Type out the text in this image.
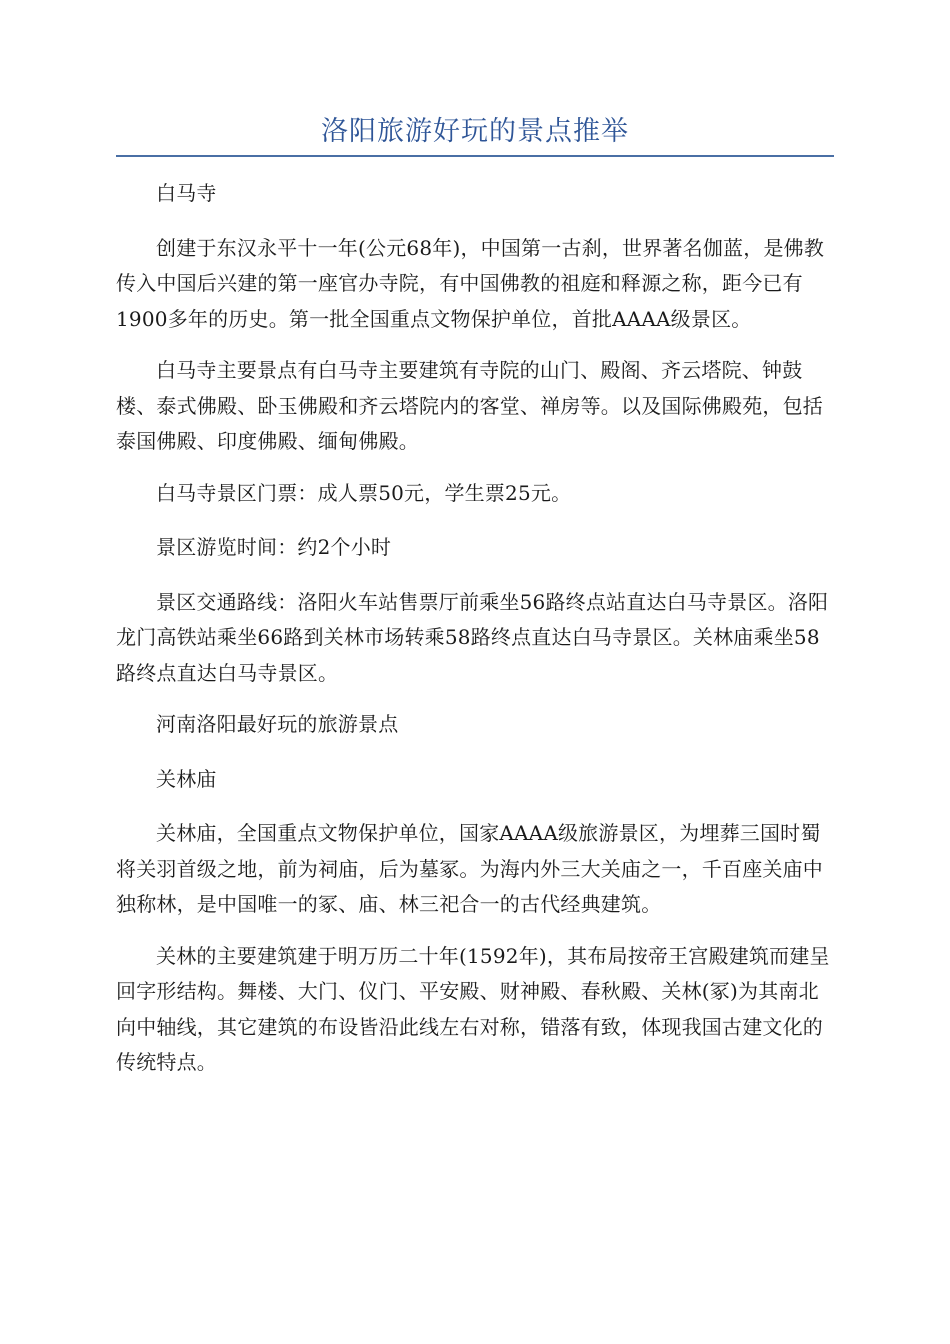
洛阳旅游好玩的景点推举

白马寺

创建于东汉永平十一年(公元68年)，中国第一古刹，世界著名伽蓝，是佛教传入中国后兴建的第一座官办寺院，有中国佛教的祖庭和释源之称，距今已有1900多年的历史。第一批全国重点文物保护单位，首批AAAA级景区。

白马寺主要景点有白马寺主要建筑有寺院的山门、殿阁、齐云塔院、钟鼓楼、泰式佛殿、卧玉佛殿和齐云塔院内的客堂、禅房等。以及国际佛殿苑，包括泰国佛殿、印度佛殿、缅甸佛殿。

白马寺景区门票：成人票50元，学生票25元。

景区游览时间：约2个小时

景区交通路线：洛阳火车站售票厅前乘坐56路终点站直达白马寺景区。洛阳龙门高铁站乘坐66路到关林市场转乘58路终点直达白马寺景区。关林庙乘坐58路终点直达白马寺景区。

河南洛阳最好玩的旅游景点

关林庙

关林庙，全国重点文物保护单位，国家AAAA级旅游景区，为埋葬三国时蜀将关羽首级之地，前为祠庙，后为墓冢。为海内外三大关庙之一，千百座关庙中独称林，是中国唯一的冢、庙、林三祀合一的古代经典建筑。

关林的主要建筑建于明万历二十年(1592年)，其布局按帝王宫殿建筑而建呈回字形结构。舞楼、大门、仪门、平安殿、财神殿、春秋殿、关林(冢)为其南北向中轴线，其它建筑的布设皆沿此线左右对称，错落有致，体现我国古建文化的传统特点。
